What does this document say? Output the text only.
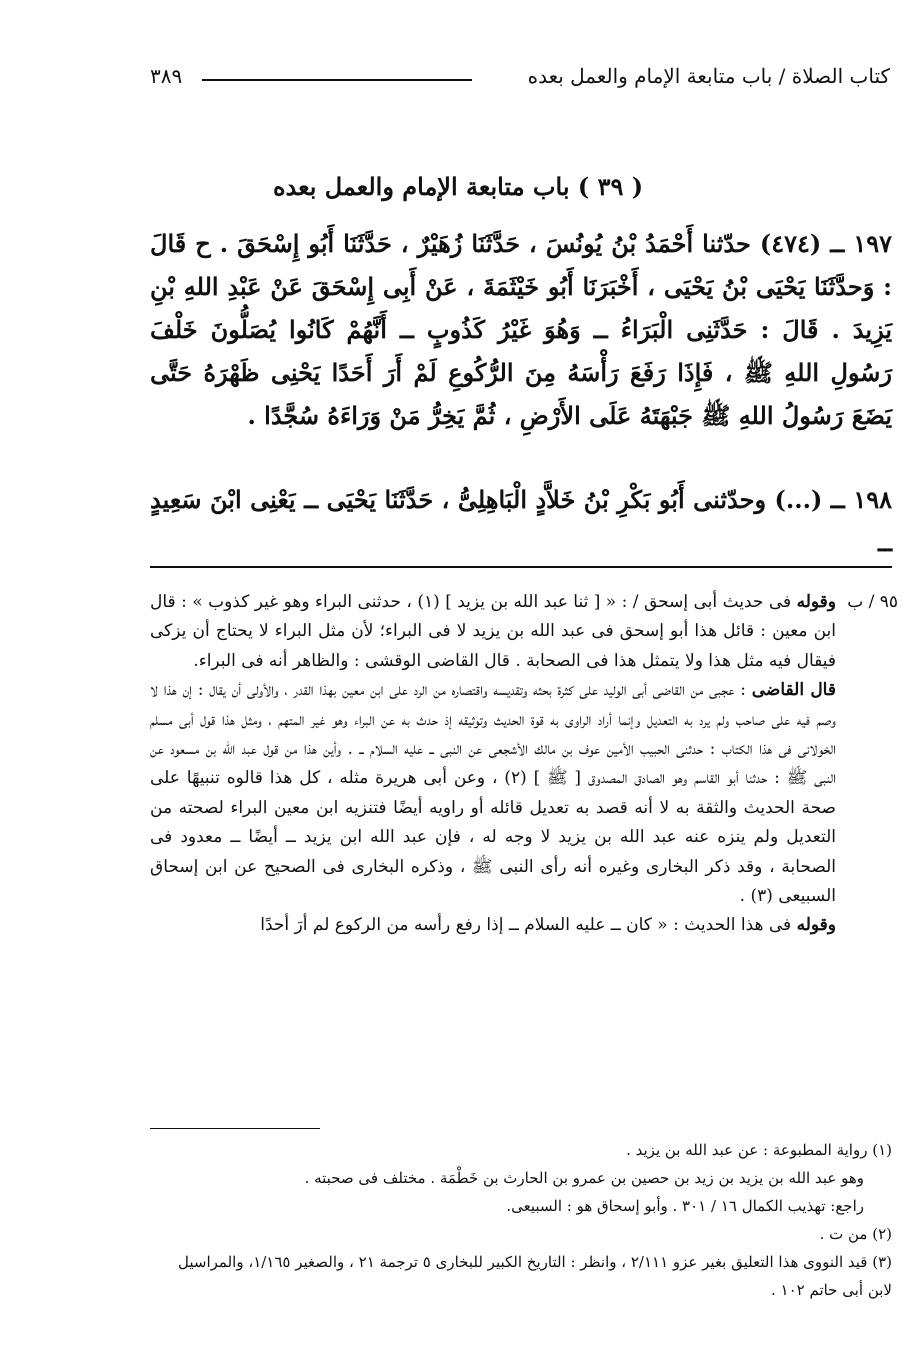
كتاب الصلاة / باب متابعة الإمام والعمل بعده
٣٨٩
( ٣٩ ) باب متابعة الإمام والعمل بعده
١٩٧ ــ (٤٧٤) حدّثنا أَحْمَدُ بْنُ يُونُسَ ، حَدَّثَنَا زُهَيْرٌ ، حَدَّثَنَا أَبُو إِسْحَقَ . ح قَالَ : وَحدَّثَنَا يَحْيَى بْنُ يَحْيَى ، أَخْبَرَنَا أَبُو خَيْثَمَةَ ، عَنْ أَبِى إِسْحَقَ عَنْ عَبْدِ اللهِ بْنِ يَزِيدَ . قَالَ : حَدَّثَنِى الْبَرَاءُ ــ وَهُوَ غَيْرُ كَذُوبٍ ــ أَنَّهُمْ كَانُوا يُصَلُّونَ خَلْفَ رَسُولِ اللهِ ﷺ ، فَإِذَا رَفَعَ رَأْسَهُ مِنَ الرُّكُوعِ لَمْ أَرَ أَحَدًا يَحْنِى ظَهْرَهُ حَتَّى يَضَعَ رَسُولُ اللهِ ﷺ جَبْهَتَهُ عَلَى الأَرْضِ ، ثُمَّ يَخِرُّ مَنْ وَرَاءَهُ سُجَّدًا .
١٩٨ ــ (...) وحدّثنى أَبُو بَكْرِ بْنُ خَلاَّدٍ الْبَاهِلِىُّ ، حَدَّثَنَا يَحْيَى ــ يَعْنِى ابْنَ سَعِيدٍ ــ
٩٥ / ب

وقوله فى حديث أبى إسحق / : « [ ثنا عبد الله بن يزيد ] (١) ، حدثنى البراء وهو غير كذوب » : قال ابن معين : قائل هذا أبو إسحق فى عبد الله بن يزيد لا فى البراء؛ لأن مثل البراء لا يحتاج أن يزكى فيقال فيه مثل هذا ولا يتمثل هذا فى الصحابة . قال القاضى الوقشى : والظاهر أنه فى البراء.

قال القاضى : عجبى من القاضى أبى الوليد على كثرة بحثه وتقديسه واقتصاره من الرد على ابن معين بهذا القدر ، والأولى أن يقال : إن هذا لا وصم فيه على صاحب ولم يرد به التعديل وإنما أراد الراوى به قوة الحديث وتوثيقه إذ حدث به عن البراء وهو غير المتهم ، ومثل هذا قول أبى مسلم الخولانى فى هذا الكتاب : حدثنى الحبيب الأمين عوف بن مالك الأشجعى عن النبى ــ عليه السلام ــ . وأين هذا من قول عبد الله بن مسعود عن النبى ﷺ : حدثنا أبو القاسم وهو الصادق المصدوق [ ﷺ ] (٢) ، وعن أبى هريرة مثله ، كل هذا قالوه تنبيهًا على صحة الحديث والثقة به لا أنه قصد به تعديل قائله أو راويه أيضًا فتنزيه ابن معين البراء لصحته من التعديل ولم ينزه عنه عبد الله بن يزيد لا وجه له ، فإن عبد الله ابن يزيد ــ أيضًا ــ معدود فى الصحابة ، وقد ذكر البخارى وغيره أنه رأى النبى ﷺ ، وذكره البخارى فى الصحيح عن ابن إسحاق السبيعى (٣) .

وقوله فى هذا الحديث : « كان ــ عليه السلام ــ إذا رفع رأسه من الركوع لم أرَ أحدًا

(١) رواية المطبوعة : عن عبد الله بن يزيد .

وهو عبد الله بن يزيد بن زيد بن حصين بن عمرو بن الحارث بن خَطْمَة . مختلف فى صحبته .

راجع: تهذيب الكمال ١٦ / ٣٠١ . وأبو إسحاق هو : السبيعى.

(٢) من ت .

(٣) قيد النووى هذا التعليق بغير عزو ٢/١١١ ، وانظر : التاريخ الكبير للبخارى ٥ ترجمة ٢١ ، والصغير ١/١٦٥، والمراسيل لابن أبى حاتم ١٠٢ .
